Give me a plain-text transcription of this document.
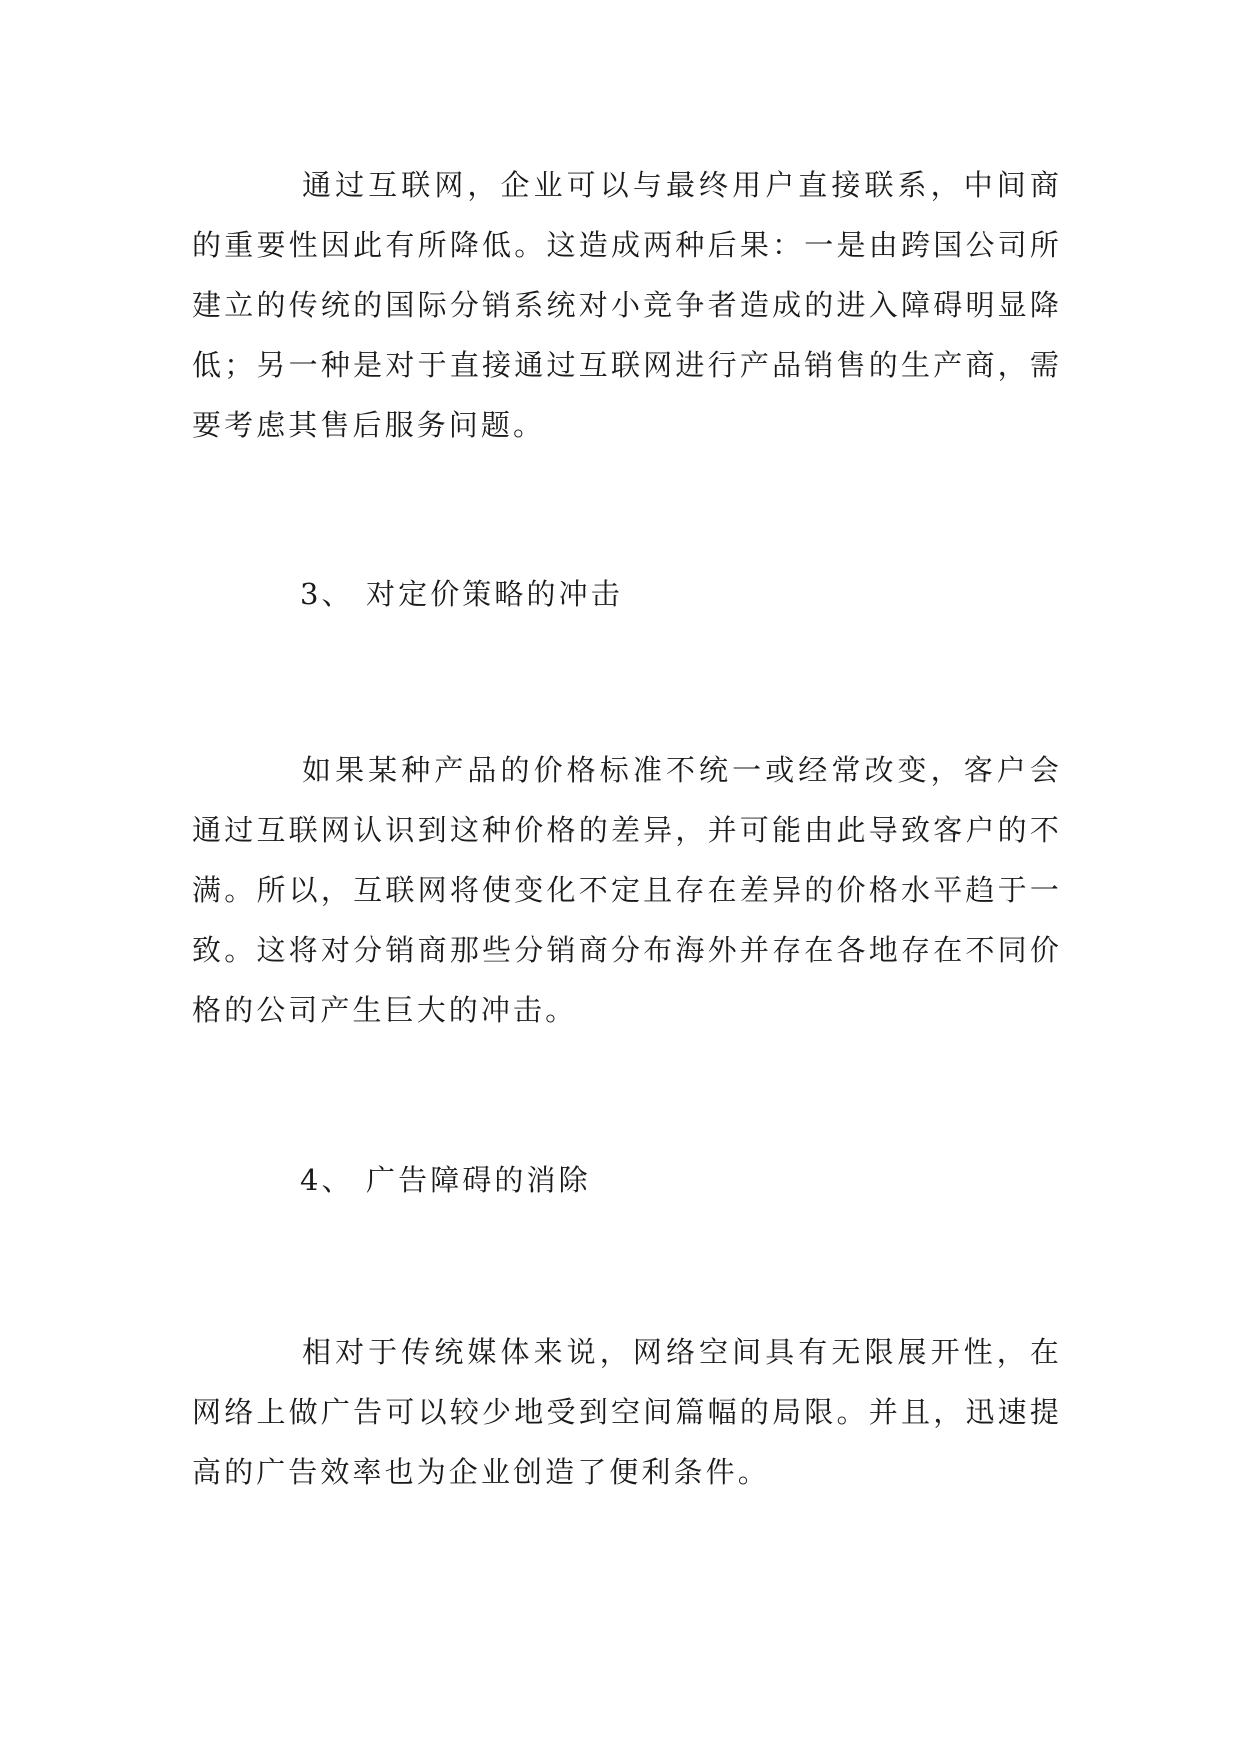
通过互联网，企业可以与最终用户直接联系，中间商的重要性因此有所降低。这造成两种后果：一是由跨国公司所建立的传统的国际分销系统对小竞争者造成的进入障碍明显降低；另一种是对于直接通过互联网进行产品销售的生产商，需要考虑其售后服务问题。

3、 对定价策略的冲击

如果某种产品的价格标准不统一或经常改变，客户会通过互联网认识到这种价格的差异，并可能由此导致客户的不满。所以，互联网将使变化不定且存在差异的价格水平趋于一致。这将对分销商那些分销商分布海外并存在各地存在不同价格的公司产生巨大的冲击。

4、 广告障碍的消除

相对于传统媒体来说，网络空间具有无限展开性，在网络上做广告可以较少地受到空间篇幅的局限。并且，迅速提高的广告效率也为企业创造了便利条件。
